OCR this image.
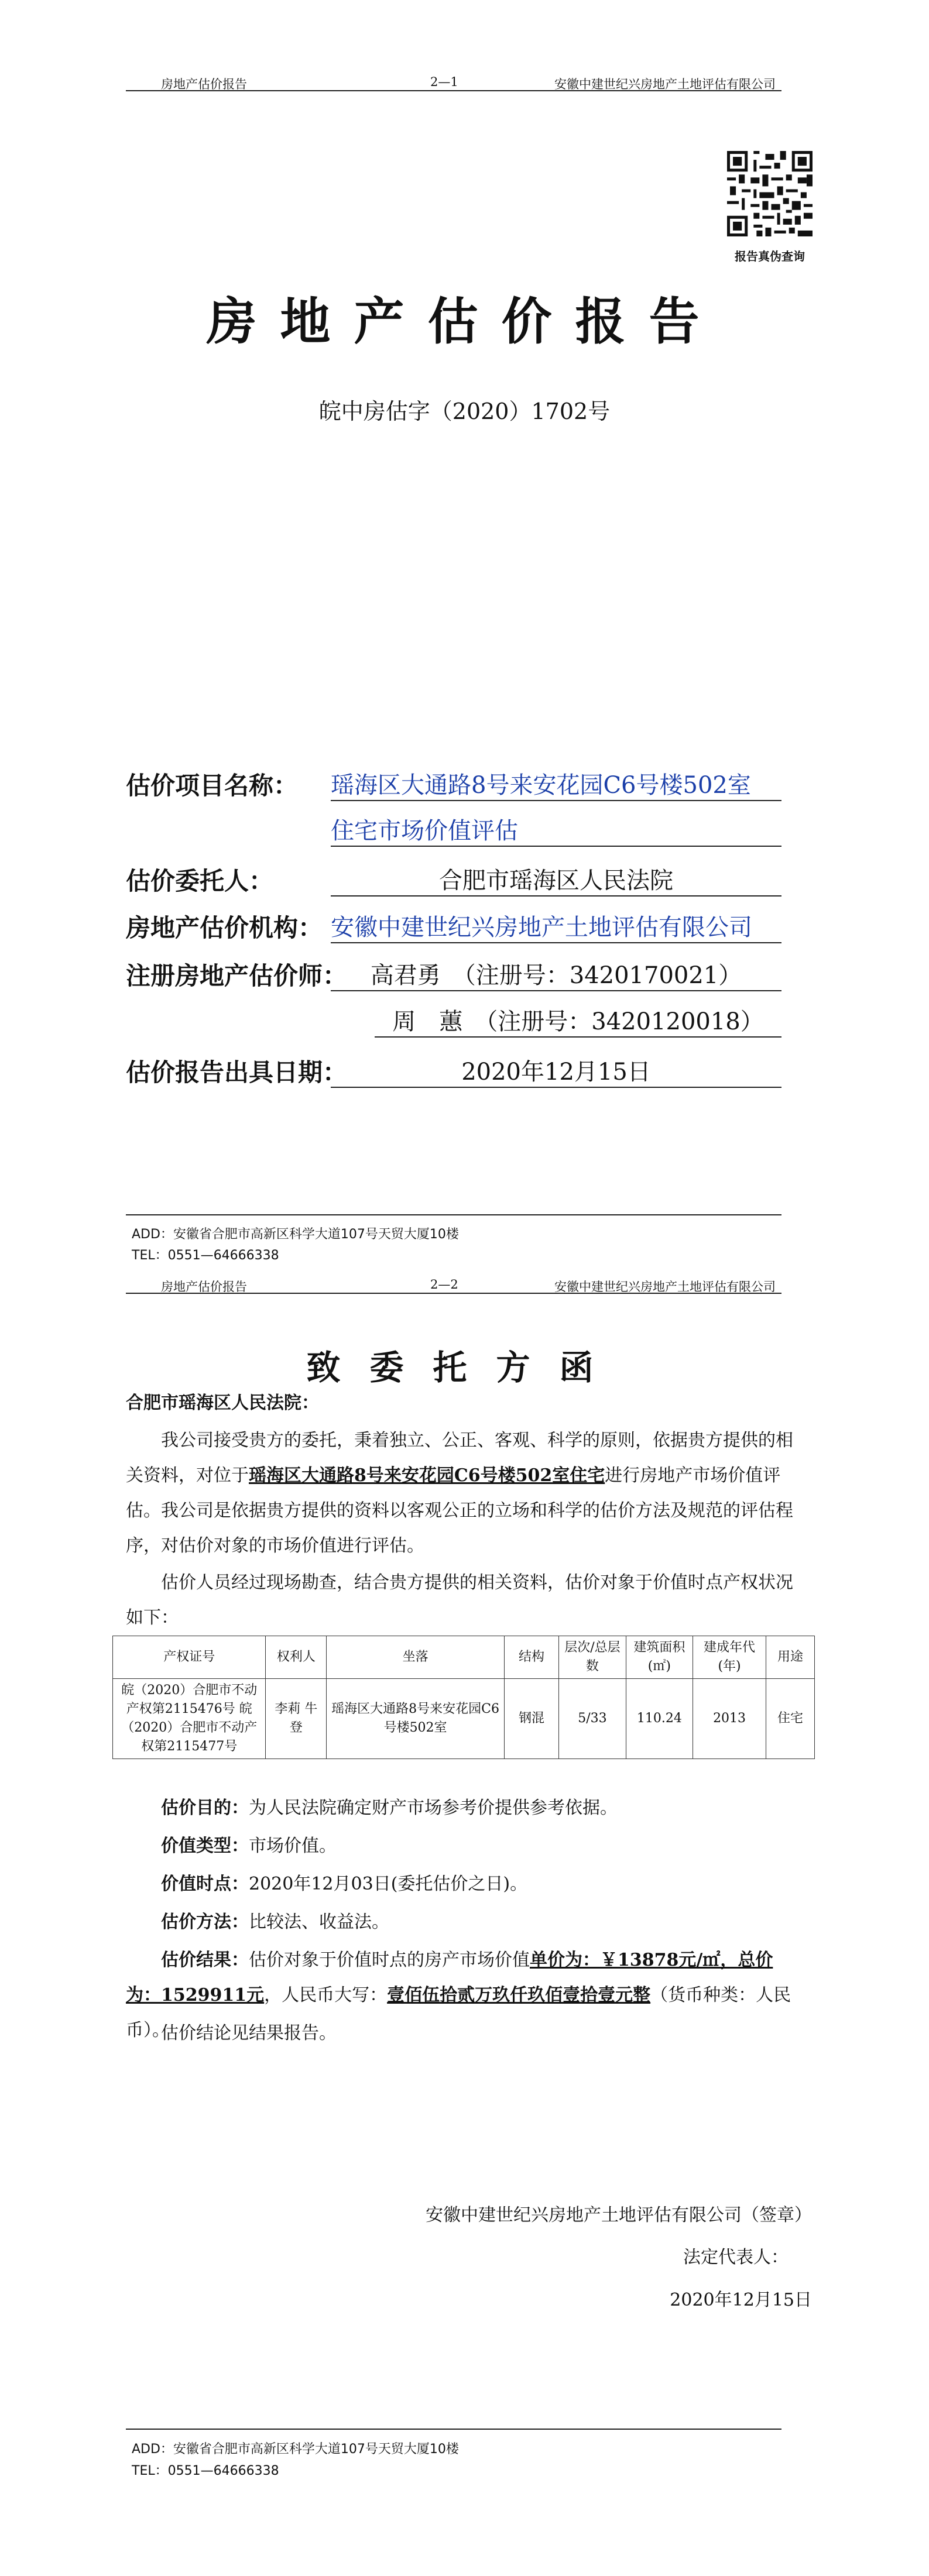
房地产估价报告	2—1	安徽中建世纪兴房地产土地评估有限公司
报告真伪查询
房地产估价报告
皖中房估字（2020）1702号
估价项目名称： 瑶海区大通路8号来安花园C6号楼502室
住宅市场价值评估
估价委托人：	合肥市瑶海区人民法院
房地产估价机构： 安徽中建世纪兴房地产土地评估有限公司
注册房地产估价师： 高君勇　（注册号：3420170021）
周　蕙　（注册号：3420120018）
估价报告出具日期：	2020年12月15日
ADD：安徽省合肥市高新区科学大道107号天贸大厦10楼
TEL：0551—64666338
房地产估价报告	2—2	安徽中建世纪兴房地产土地评估有限公司
致委托方函
合肥市瑶海区人民法院：
我公司接受贵方的委托，秉着独立、公正、客观、科学的原则，依据贵方提供的相关资料，对位于瑶海区大通路8号来安花园C6号楼502室住宅进行房地产市场价值评估。我公司是依据贵方提供的资料以客观公正的立场和科学的估价方法及规范的评估程序，对估价对象的市场价值进行评估。
估价人员经过现场勘查，结合贵方提供的相关资料，估价对象于价值时点产权状况如下：
产权证号	权利人	坐落	结构	层次/总层数	建筑面积(㎡)	建成年代(年)	用途
皖（2020）合肥市不动产权第2115476号 皖（2020）合肥市不动产权第2115477号	李莉 牛登	瑶海区大通路8号来安花园C6号楼502室	钢混	5/33	110.24	2013	住宅
估价目的：为人民法院确定财产市场参考价提供参考依据。
价值类型：市场价值。
价值时点：2020年12月03日(委托估价之日)。
估价方法：比较法、收益法。
估价结果：估价对象于价值时点的房产市场价值单价为：￥13878元/㎡，总价为：1529911元，人民币大写：壹佰伍拾贰万玖仟玖佰壹拾壹元整（货币种类：人民币）。
估价结论见结果报告。
安徽中建世纪兴房地产土地评估有限公司（签章）
法定代表人：
2020年12月15日
ADD：安徽省合肥市高新区科学大道107号天贸大厦10楼
TEL：0551—64666338
